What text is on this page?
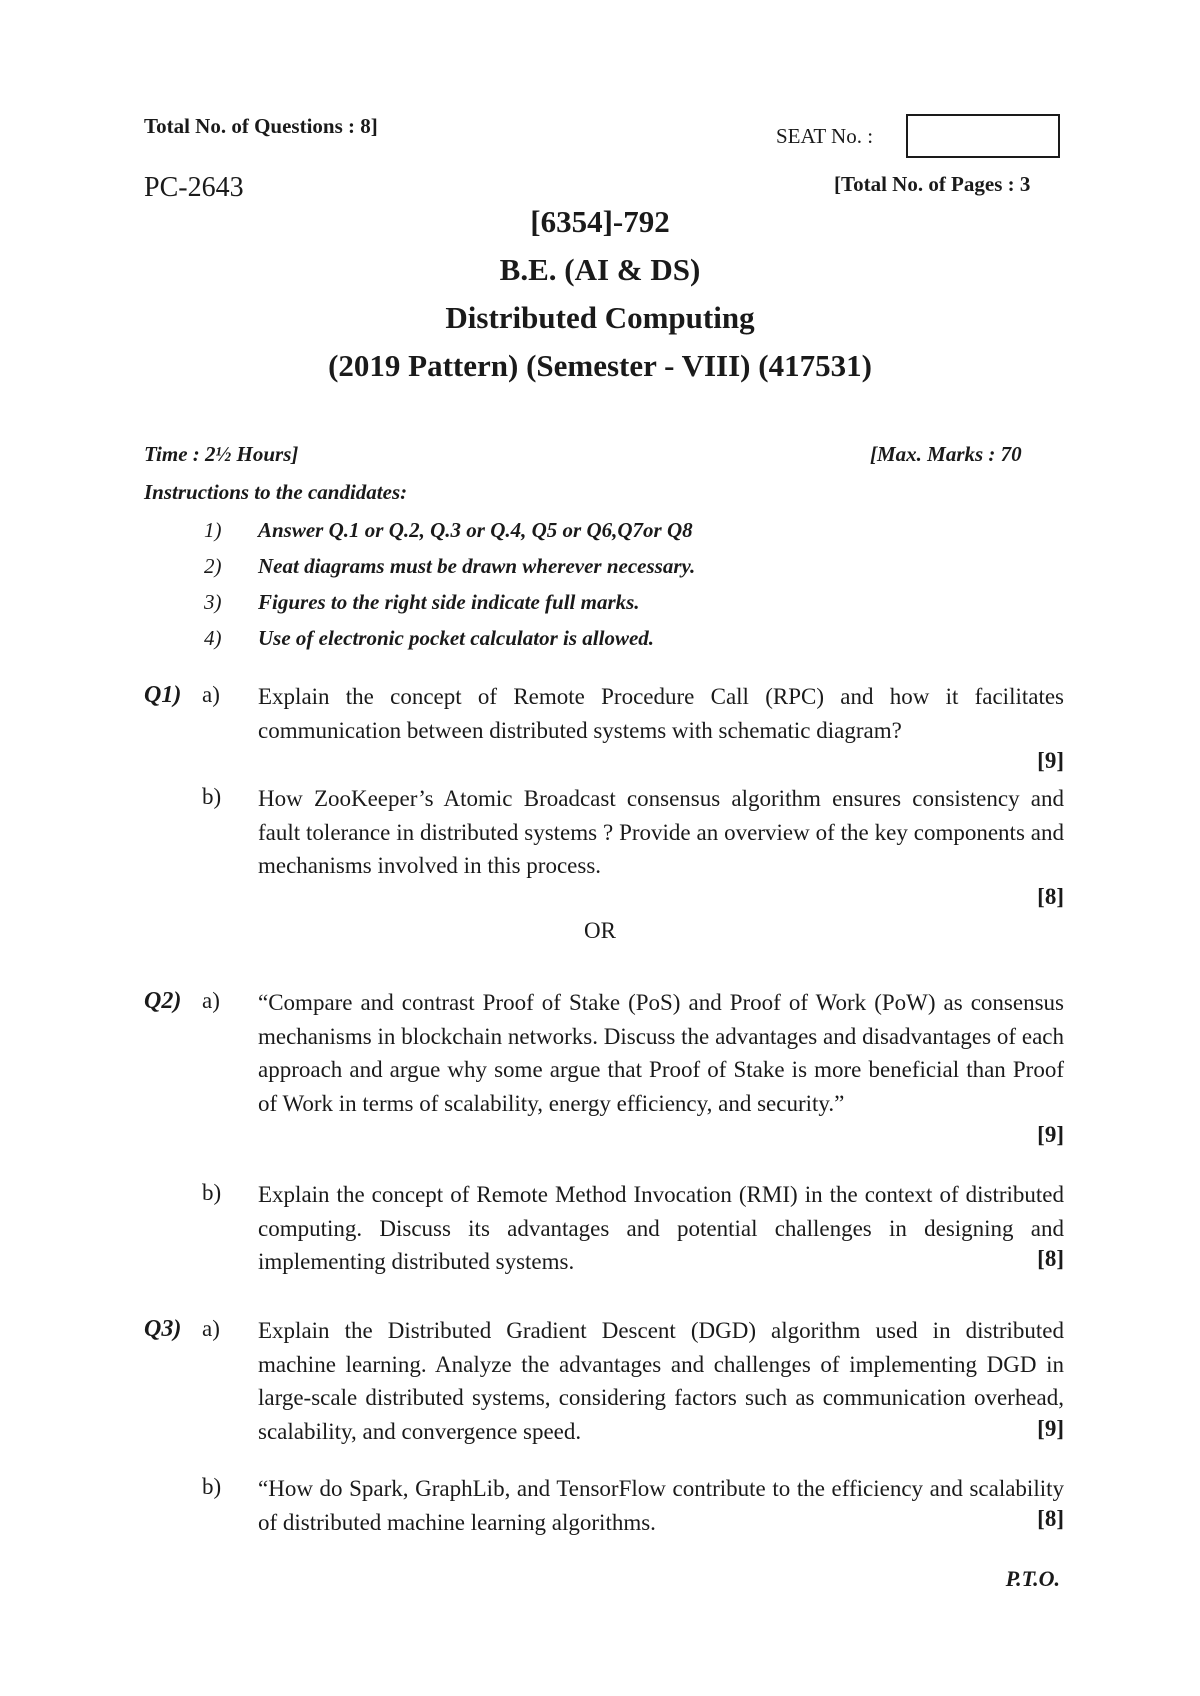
Total No. of Questions : 8]	SEAT No. :
PC-2643	[Total No. of Pages : 3
[6354]-792
B.E. (AI & DS)
Distributed Computing
(2019 Pattern) (Semester - VIII) (417531)
Time : 2½ Hours]	[Max. Marks : 70
Instructions to the candidates:
1) Answer Q.1 or Q.2, Q.3 or Q.4, Q5 or Q6,Q7or Q8
2) Neat diagrams must be drawn wherever necessary.
3) Figures to the right side indicate full marks.
4) Use of electronic pocket calculator is allowed.
Q1) a) Explain the concept of Remote Procedure Call (RPC) and how it facilitates communication between distributed systems with schematic diagram?

[9]
b) How ZooKeeper’s Atomic Broadcast consensus algorithm ensures consistency and fault tolerance in distributed systems ? Provide an overview of the key components and mechanisms involved in this process.

[8]
OR
Q2) a) “Compare and contrast Proof of Stake (PoS) and Proof of Work (PoW) as consensus mechanisms in blockchain networks. Discuss the advantages and disadvantages of each approach and argue why some argue that Proof of Stake is more beneficial than Proof of Work in terms of scalability, energy efficiency, and security.”

[9]
b) Explain the concept of Remote Method Invocation (RMI) in the context of distributed computing. Discuss its advantages and potential challenges in designing and implementing distributed systems.	[8]
Q3) a) Explain the Distributed Gradient Descent (DGD) algorithm used in distributed machine learning. Analyze the advantages and challenges of implementing DGD in large-scale distributed systems, considering factors such as communication overhead, scalability, and convergence speed.	[9]
b) “How do Spark, GraphLib, and TensorFlow contribute to the efficiency and scalability of distributed machine learning algorithms.	[8]
P.T.O.
